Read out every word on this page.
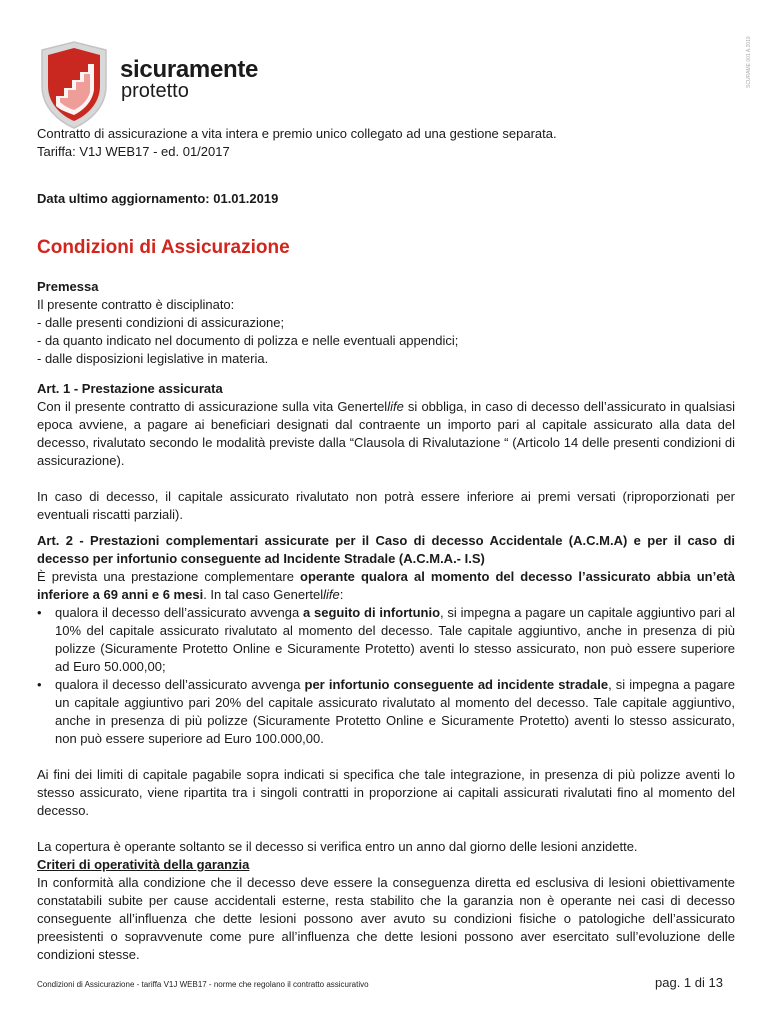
sicuramente
protetto
SCURAME 001 A.2019
Contratto di assicurazione a vita intera e premio unico collegato ad una gestione separata.
Tariffa: V1J WEB17 - ed. 01/2017
Data ultimo aggiornamento: 01.01.2019
Condizioni di Assicurazione
Premessa
Il presente contratto è disciplinato:
- dalle presenti condizioni di assicurazione;
- da quanto indicato nel documento di polizza e nelle eventuali appendici;
- dalle disposizioni legislative in materia.
Art. 1 - Prestazione assicurata
Con il presente contratto di assicurazione sulla vita Genertellife si obbliga, in caso di decesso dell’assicurato in qualsiasi epoca avviene, a pagare ai beneficiari designati dal contraente un importo pari al capitale assicurato alla data del decesso, rivalutato secondo le modalità previste dalla “Clausola di Rivalutazione “ (Articolo 14 delle presenti condizioni di assicurazione).
In caso di decesso, il capitale assicurato rivalutato non potrà essere inferiore ai premi versati (riproporzionati per eventuali riscatti parziali).
Art. 2 - Prestazioni complementari assicurate per il Caso di decesso Accidentale (A.C.M.A) e per il caso di decesso per infortunio conseguente ad Incidente Stradale (A.C.M.A.- I.S)
È prevista una prestazione complementare operante qualora al momento del decesso l’assicurato abbia un’età inferiore a 69 anni e 6 mesi. In tal caso Genertellife:
• qualora il decesso dell’assicurato avvenga a seguito di infortunio, si impegna a pagare un capitale aggiuntivo pari al 10% del capitale assicurato rivalutato al momento del decesso. Tale capitale aggiuntivo, anche in presenza di più polizze (Sicuramente Protetto Online e Sicuramente Protetto) aventi lo stesso assicurato, non può essere superiore ad Euro 50.000,00;
• qualora il decesso dell’assicurato avvenga per infortunio conseguente ad incidente stradale, si impegna a pagare un capitale aggiuntivo pari 20% del capitale assicurato rivalutato al momento del decesso. Tale capitale aggiuntivo, anche in presenza di più polizze (Sicuramente Protetto Online e Sicuramente Protetto) aventi lo stesso assicurato, non può essere superiore ad Euro 100.000,00.
Ai fini dei limiti di capitale pagabile sopra indicati si specifica che tale integrazione, in presenza di più polizze aventi lo stesso assicurato, viene ripartita tra i singoli contratti in proporzione ai capitali assicurati rivalutati fino al momento del decesso.
La copertura è operante soltanto se il decesso si verifica entro un anno dal giorno delle lesioni anzidette.
Criteri di operatività della garanzia
In conformità alla condizione che il decesso deve essere la conseguenza diretta ed esclusiva di lesioni obiettivamente constatabili subite per cause accidentali esterne, resta stabilito che la garanzia non è operante nei casi di decesso conseguente all’influenza che dette lesioni possono aver avuto su condizioni fisiche o patologiche dell’assicurato preesistenti o sopravvenute come pure all’influenza che dette lesioni possono aver esercitato sull’evoluzione delle condizioni stesse.
Condizioni di Assicurazione - tariffa V1J WEB17 - norme che regolano il contratto assicurativo	pag. 1 di 13
